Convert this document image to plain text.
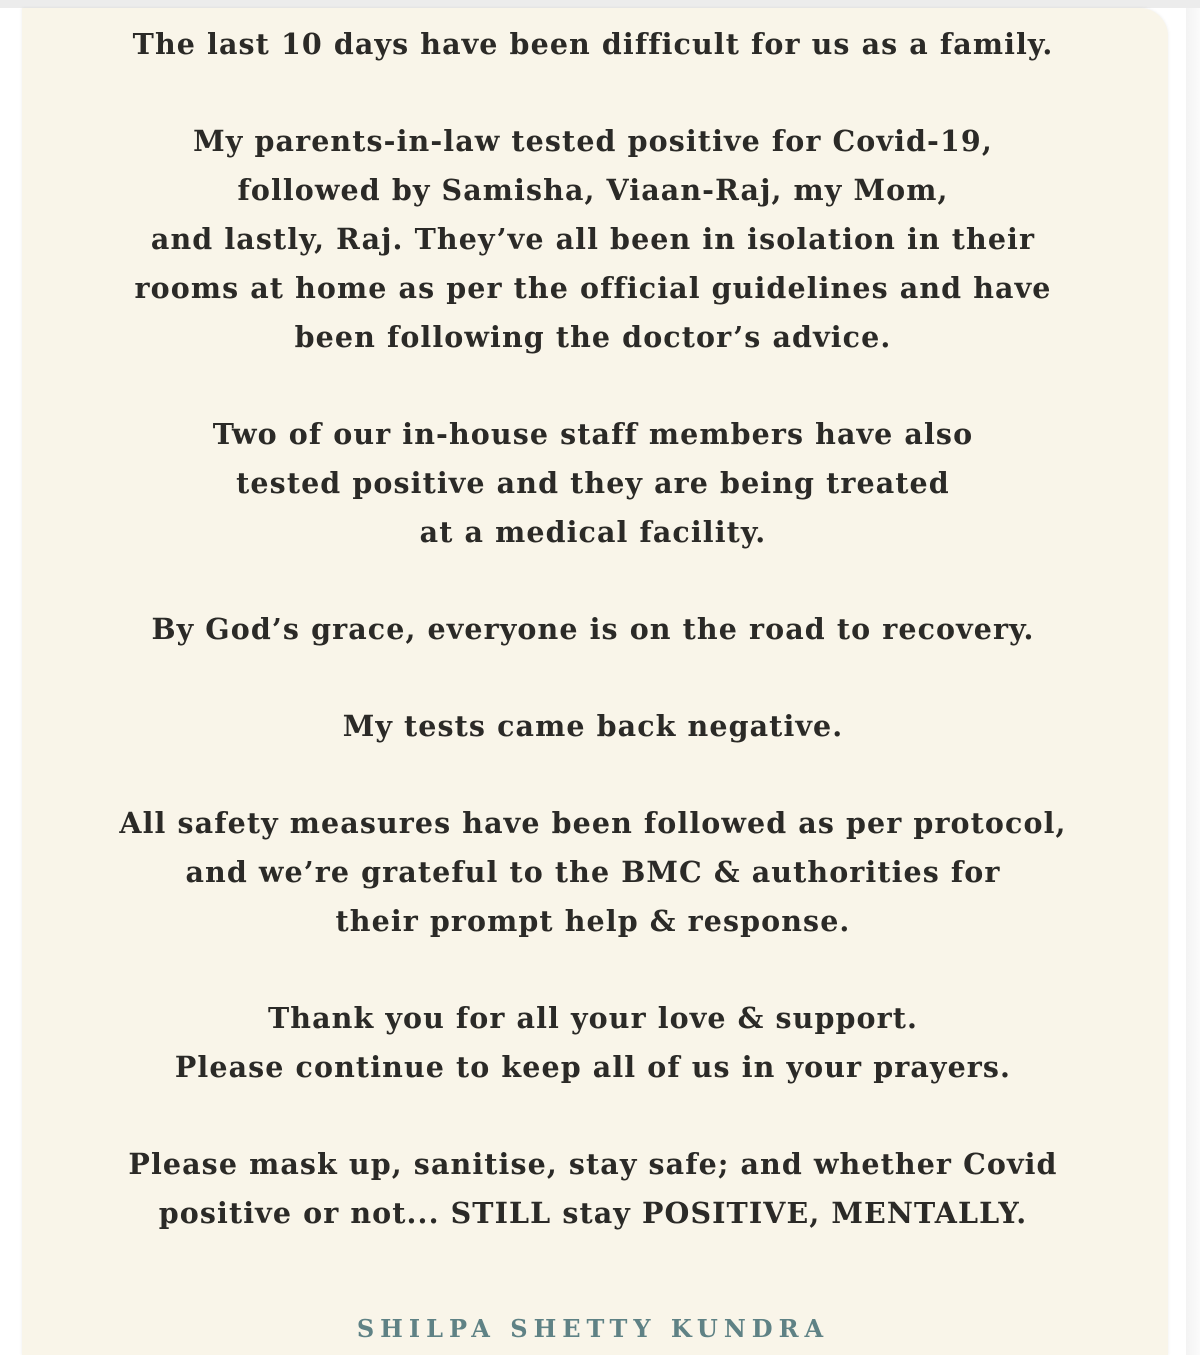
The last 10 days have been difficult for us as a family.

My parents-in-law tested positive for Covid-19,
followed by Samisha, Viaan-Raj, my Mom,
and lastly, Raj. They’ve all been in isolation in their
rooms at home as per the official guidelines and have
been following the doctor’s advice.

Two of our in-house staff members have also
tested positive and they are being treated
at a medical facility.

By God’s grace, everyone is on the road to recovery.

My tests came back negative.

All safety measures have been followed as per protocol,
and we’re grateful to the BMC & authorities for
their prompt help & response.

Thank you for all your love & support.
Please continue to keep all of us in your prayers.

Please mask up, sanitise, stay safe; and whether Covid
positive or not... STILL stay POSITIVE, MENTALLY.

SHILPA SHETTY KUNDRA
